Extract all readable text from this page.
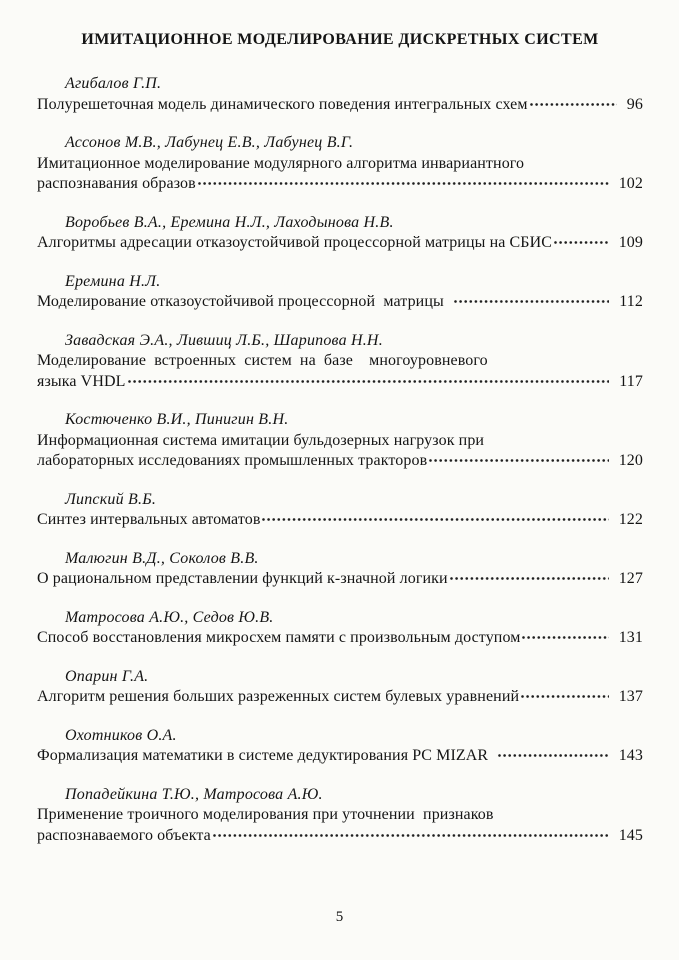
ИМИТАЦИОННОЕ МОДЕЛИРОВАНИЕ ДИСКРЕТНЫХ СИСТЕМ
Агибалов Г.П.
Полурешеточная модель динамического поведения интегральных схем	96
Ассонов М.В., Лабунец Е.В., Лабунец В.Г.
Имитационное моделирование модулярного алгоритма инвариантного
распознавания образов	102
Воробьев В.А., Еремина Н.Л., Лаходынова Н.В.
Алгоритмы адресации отказоустойчивой процессорной матрицы на СБИС	109
Еремина Н.Л.
Моделирование отказоустойчивой процессорной  матрицы	112
Завадская Э.А., Лившиц Л.Б., Шарипова Н.Н.
Моделирование встроенных систем на базе  многоуровневого
языка VHDL	117
Костюченко В.И., Пинигин В.Н.
Информационная система имитации бульдозерных нагрузок при
лабораторных исследованиях промышленных тракторов	120
Липский В.Б.
Синтез интервальных автоматов	122
Малюгин В.Д., Соколов В.В.
О рациональном представлении функций к-значной логики	127
Матросова А.Ю., Седов Ю.В.
Способ восстановления микросхем памяти с произвольным доступом	131
Опарин Г.А.
Алгоритм решения больших разреженных систем булевых уравнений	137
Охотников О.А.
Формализация математики в системе дедуктирования PC MIZAR	143
Попадейкина Т.Ю., Матросова А.Ю.
Применение троичного моделирования при уточнении  признаков
распознаваемого объекта	145
5
